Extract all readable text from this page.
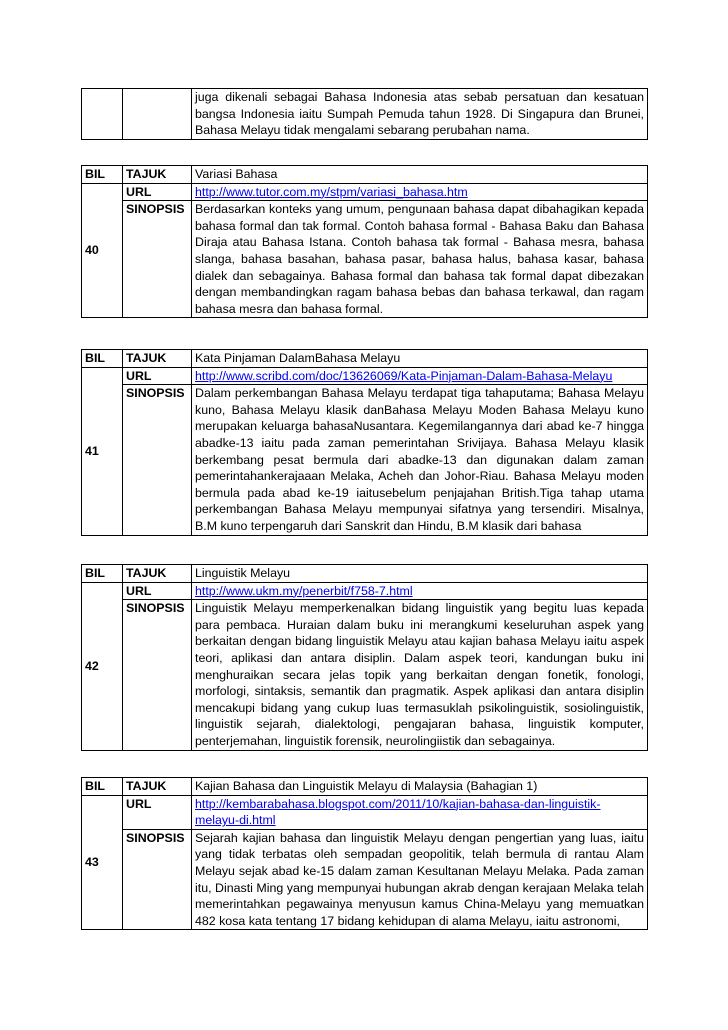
		juga dikenali sebagai Bahasa Indonesia atas sebab persatuan dan kesatuan bangsa Indonesia iaitu Sumpah Pemuda tahun 1928. Di Singapura dan Brunei, Bahasa Melayu tidak mengalami sebarang perubahan nama.
BIL	TAJUK	Variasi Bahasa
40	URL	http://www.tutor.com.my/stpm/variasi_bahasa.htm
	SINOPSIS	Berdasarkan konteks yang umum, pengunaan bahasa dapat dibahagikan kepada bahasa formal dan tak formal. Contoh bahasa formal - Bahasa Baku dan Bahasa Diraja atau Bahasa Istana. Contoh bahasa tak formal - Bahasa mesra, bahasa slanga, bahasa basahan, bahasa pasar, bahasa halus, bahasa kasar, bahasa dialek dan sebagainya. Bahasa formal dan bahasa tak formal dapat dibezakan dengan membandingkan ragam bahasa bebas dan bahasa terkawal, dan ragam bahasa mesra dan bahasa formal.
BIL	TAJUK	Kata Pinjaman DalamBahasa Melayu
41	URL	http://www.scribd.com/doc/13626069/Kata-Pinjaman-Dalam-Bahasa-Melayu
	SINOPSIS	Dalam perkembangan Bahasa Melayu terdapat tiga tahaputama; Bahasa Melayu kuno, Bahasa Melayu klasik danBahasa Melayu Moden Bahasa Melayu kuno merupakan keluarga bahasaNusantara. Kegemilangannya dari abad ke-7 hingga abadke-13 iaitu pada zaman pemerintahan Srivijaya. Bahasa Melayu klasik berkembang pesat bermula dari abadke-13 dan digunakan dalam zaman pemerintahankerajaaan Melaka, Acheh dan Johor-Riau. Bahasa Melayu moden bermula pada abad ke-19 iaitusebelum penjajahan British.Tiga tahap utama perkembangan Bahasa Melayu mempunyai sifatnya yang tersendiri. Misalnya, B.M kuno terpengaruh dari Sanskrit dan Hindu, B.M klasik dari bahasa
BIL	TAJUK	Linguistik Melayu
42	URL	http://www.ukm.my/penerbit/f758-7.html
	SINOPSIS	Linguistik Melayu memperkenalkan bidang linguistik yang begitu luas kepada para pembaca. Huraian dalam buku ini merangkumi keseluruhan aspek yang berkaitan dengan bidang linguistik Melayu atau kajian bahasa Melayu iaitu aspek teori, aplikasi dan antara disiplin. Dalam aspek teori, kandungan buku ini menghuraikan secara jelas topik yang berkaitan dengan fonetik, fonologi, morfologi, sintaksis, semantik dan pragmatik. Aspek aplikasi dan antara disiplin mencakupi bidang yang cukup luas termasuklah psikolinguistik, sosiolinguistik, linguistik sejarah, dialektologi, pengajaran bahasa, linguistik komputer, penterjemahan, linguistik forensik, neurolingiistik dan sebagainya.
BIL	TAJUK	Kajian Bahasa dan Linguistik Melayu di Malaysia (Bahagian 1)
43	URL	http://kembarabahasa.blogspot.com/2011/10/kajian-bahasa-dan-linguistik-melayu-di.html
	SINOPSIS	Sejarah kajian bahasa dan linguistik Melayu dengan pengertian yang luas, iaitu yang tidak terbatas oleh sempadan geopolitik, telah bermula di rantau Alam Melayu sejak abad ke-15 dalam zaman Kesultanan Melayu Melaka. Pada zaman itu, Dinasti Ming yang mempunyai hubungan akrab dengan kerajaan Melaka telah memerintahkan pegawainya menyusun kamus China-Melayu yang memuatkan 482 kosa kata tentang 17 bidang kehidupan di alama Melayu, iaitu astronomi,
